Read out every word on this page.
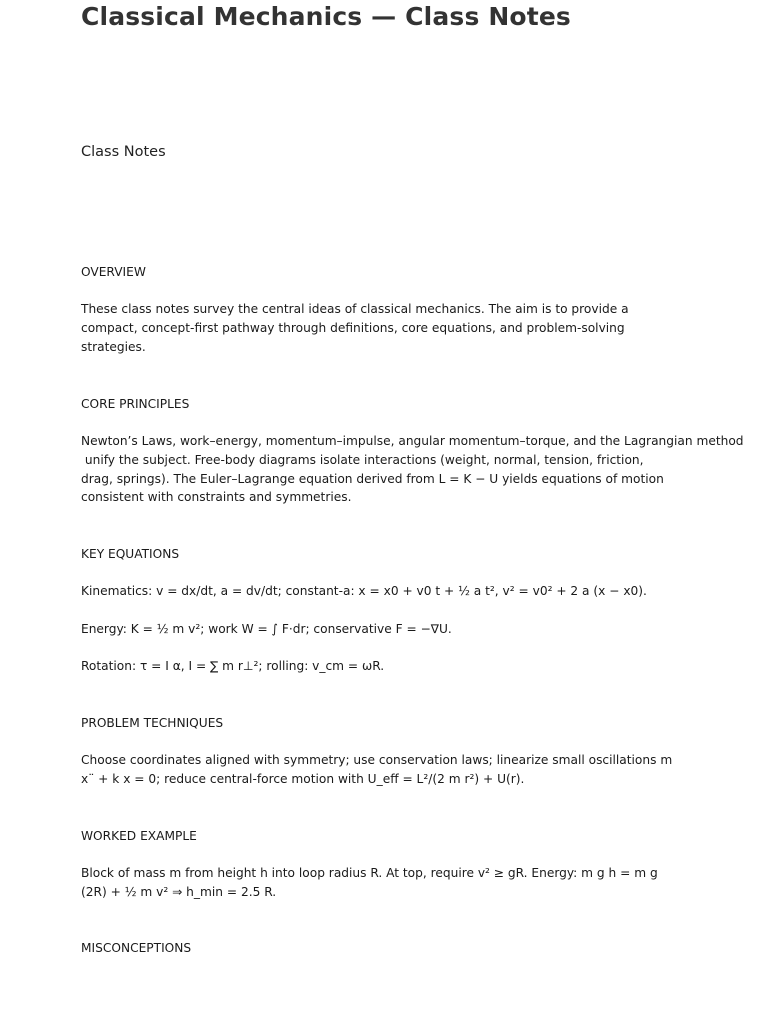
Classical Mechanics — Class Notes
Class Notes
OVERVIEW

These class notes survey the central ideas of classical mechanics. The aim is to provide a
compact, concept-first pathway through definitions, core equations, and problem-solving
strategies.

CORE PRINCIPLES

Newton’s Laws, work–energy, momentum–impulse, angular momentum–torque, and the Lagrangian method
unify the subject. Free-body diagrams isolate interactions (weight, normal, tension, friction,
drag, springs). The Euler–Lagrange equation derived from L = K − U yields equations of motion
consistent with constraints and symmetries.

KEY EQUATIONS

Kinematics: v = dx/dt, a = dv/dt; constant-a: x = x0 + v0 t + ½ a t², v² = v0² + 2 a (x − x0).

Energy: K = ½ m v²; work W = ∫ F·dr; conservative F = −∇U.

Rotation: τ = I α, I = ∑ m r⊥²; rolling: v_cm = ωR.

PROBLEM TECHNIQUES

Choose coordinates aligned with symmetry; use conservation laws; linearize small oscillations m
x¨ + k x = 0; reduce central-force motion with U_eff = L²/(2 m r²) + U(r).

WORKED EXAMPLE

Block of mass m from height h into loop radius R. At top, require v² ≥ gR. Energy: m g h = m g
(2R) + ½ m v² ⇒ h_min = 2.5 R.

MISCONCEPTIONS
